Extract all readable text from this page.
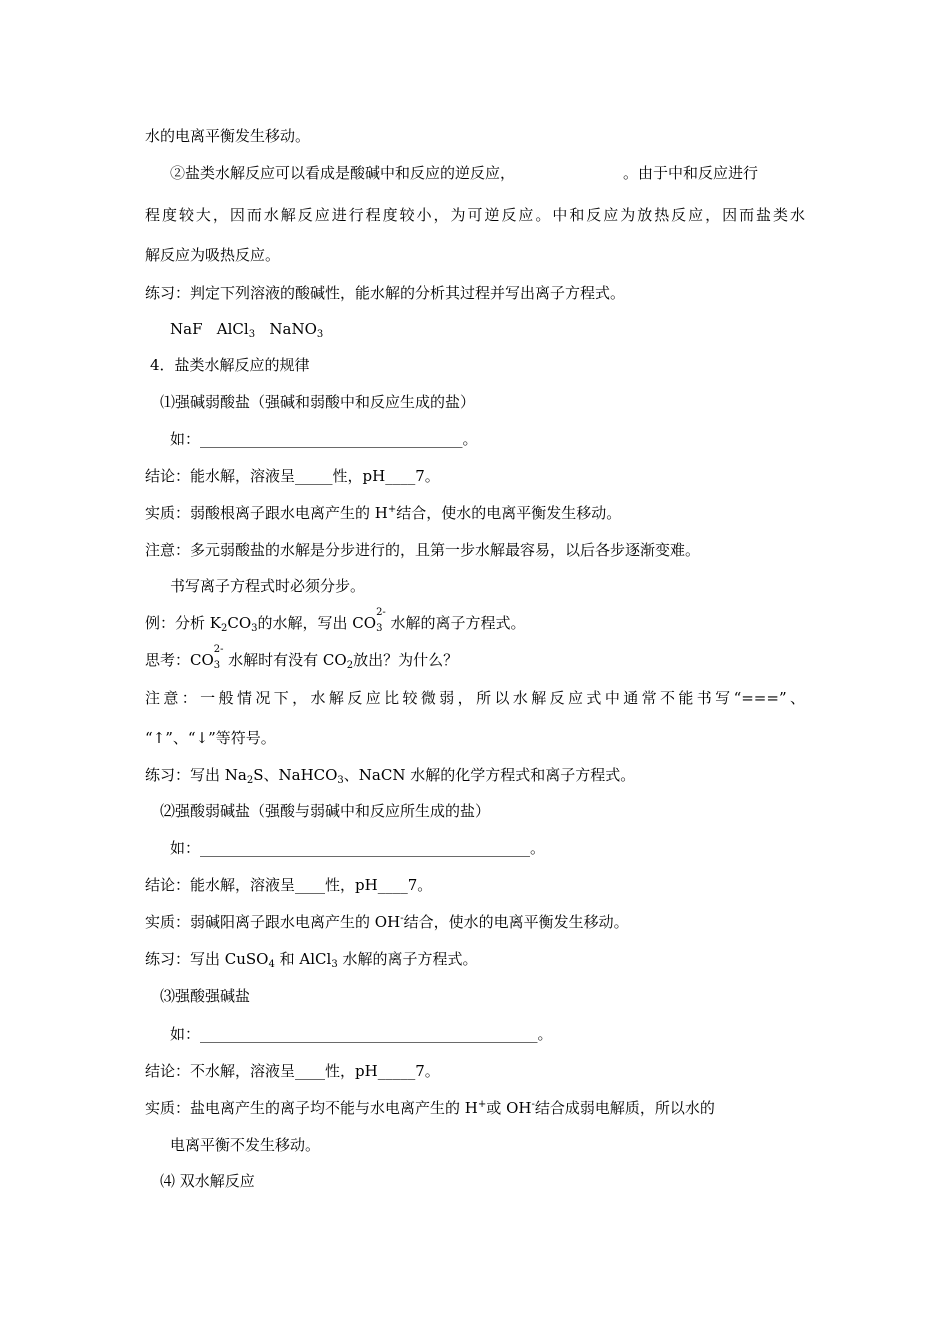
水的电离平衡发生移动。
②盐类水解反应可以看成是酸碱中和反应的逆反应，	。由于中和反应进行
程度较大，因而水解反应进行程度较小，为可逆反应。中和反应为放热反应，因而盐类水
解反应为吸热反应。
练习：判定下列溶液的酸碱性，能水解的分析其过程并写出离子方程式。
NaF AlCl$_3$ NaNO$_3$
4．盐类水解反应的规律
⑴强碱弱酸盐（强碱和弱酸中和反应生成的盐）
如：___________________________________。
结论：能水解，溶液呈_____性，pH____7。
实质：弱酸根离子跟水电离产生的 H+结合，使水的电离平衡发生移动。
注意：多元弱酸盐的水解是分步进行的，且第一步水解最容易，以后各步逐渐变难。
书写离子方程式时必须分步。
例：分析 $K_2CO_3$的水解，写出 $CO_3$
2-
水解的离子方程式。
思考：$CO_3$
2-
水解时有没有 $CO_2$放出？为什么？
注意：一般情况下，水解反应比较微弱，所以水解反应式中通常不能书写“===”、
“↑”、“↓”等符号。
练习：写出 $Na_2S$、NaHCO$_3$、NaCN 水解的化学方程式和离子方程式。
⑵强酸弱碱盐（强酸与弱碱中和反应所生成的盐）
如：____________________________________________。
结论：能水解，溶液呈____性，pH____7。
实质：弱碱阳离子跟水电离产生的 OH-结合，使水的电离平衡发生移动。
练习：写出 CuSO$_4$ 和 AlCl$_3$ 水解的离子方程式。
⑶强酸强碱盐
如：_____________________________________________。
结论：不水解，溶液呈____性，pH_____7。
实质：盐电离产生的离子均不能与水电离产生的 H+或 OH-结合成弱电解质，所以水的
电离平衡不发生移动。
⑷ 双水解反应
